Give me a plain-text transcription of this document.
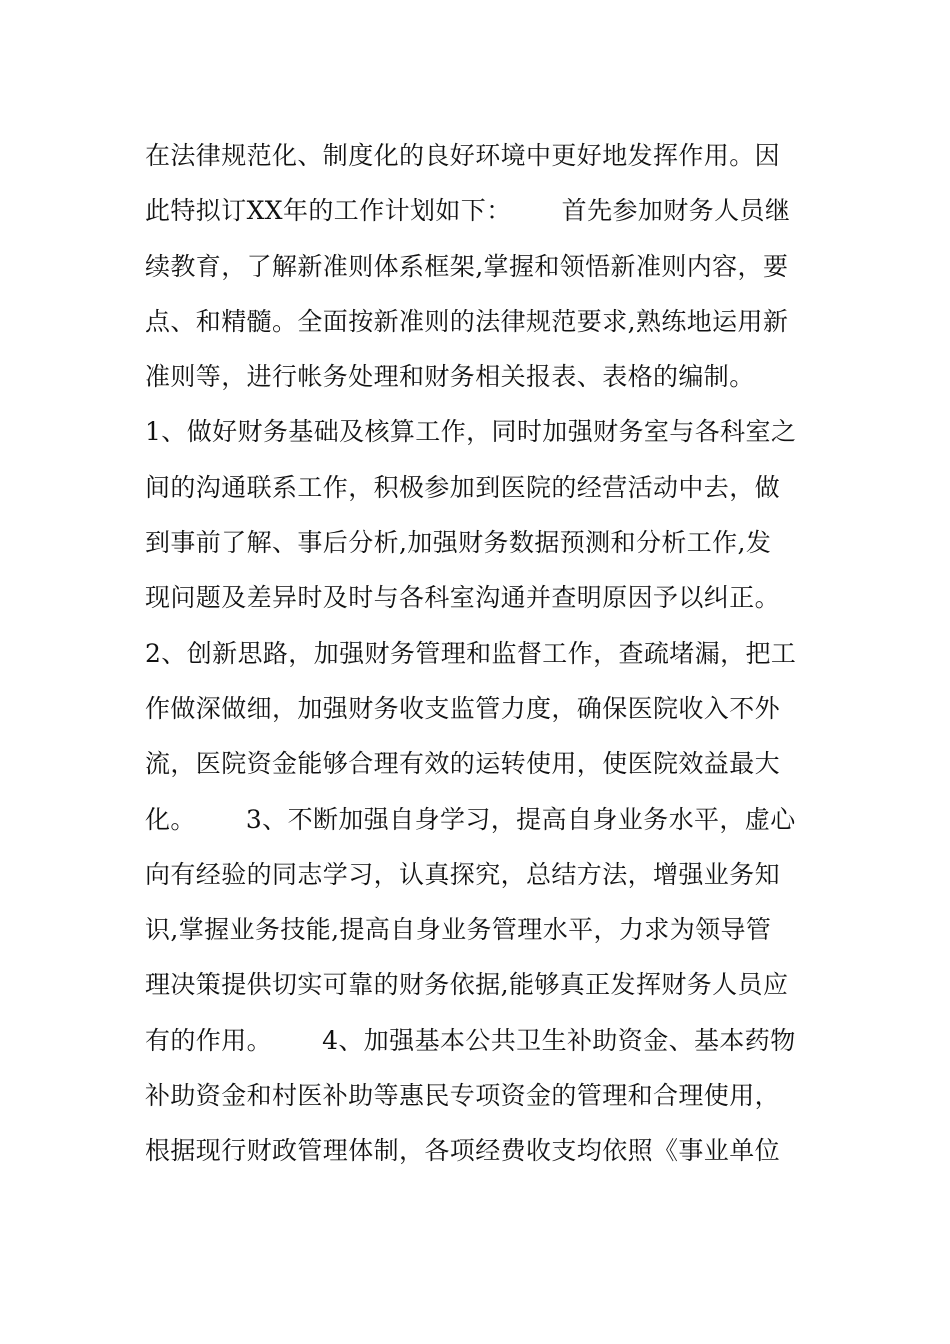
在法律规范化、制度化的良好环境中更好地发挥作用。因
此特拟订XX年的工作计划如下：      首先参加财务人员继
续教育，了解新准则体系框架,掌握和领悟新准则内容，要
点、和精髓。全面按新准则的法律规范要求,熟练地运用新
准则等，进行帐务处理和财务相关报表、表格的编制。
1、做好财务基础及核算工作，同时加强财务室与各科室之
间的沟通联系工作，积极参加到医院的经营活动中去，做
到事前了解、事后分析,加强财务数据预测和分析工作,发
现问题及差异时及时与各科室沟通并查明原因予以纠正。
2、创新思路，加强财务管理和监督工作，查疏堵漏，把工
作做深做细，加强财务收支监管力度，确保医院收入不外
流，医院资金能够合理有效的运转使用，使医院效益最大
化。      3、不断加强自身学习，提高自身业务水平，虚心
向有经验的同志学习，认真探究，总结方法，增强业务知
识,掌握业务技能,提高自身业务管理水平，力求为领导管
理决策提供切实可靠的财务依据,能够真正发挥财务人员应
有的作用。      4、加强基本公共卫生补助资金、基本药物
补助资金和村医补助等惠民专项资金的管理和合理使用，
根据现行财政管理体制，各项经费收支均依照《事业单位
